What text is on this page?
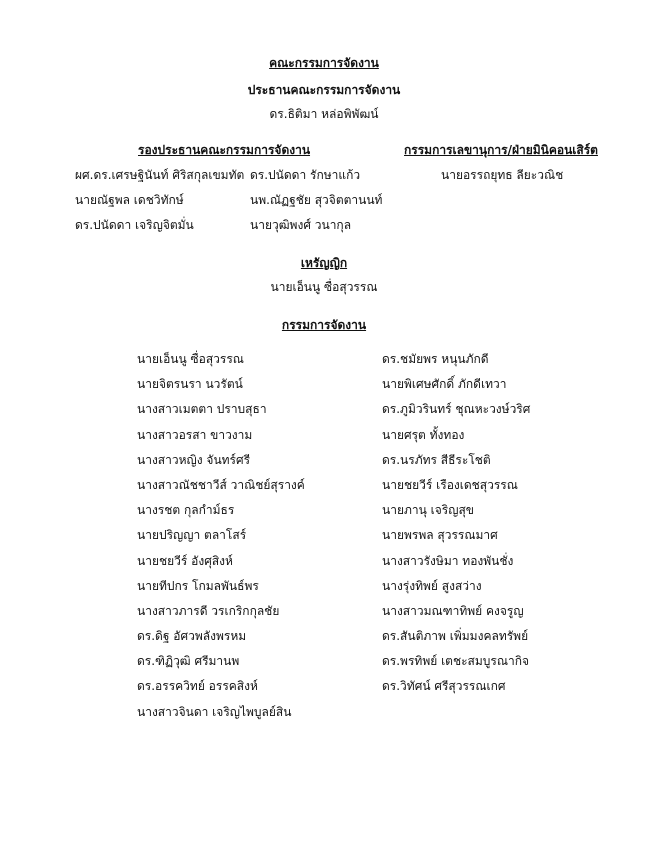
คณะกรรมการจัดงาน
ประธานคณะกรรมการจัดงาน
ดร.ธิติมา หล่อพิพัฒน์
รองประธานคณะกรรมการจัดงาน
ผศ.ดร.เศรษฐินันท์ ศิริสกุลเขมทัต ดร.ปนัดดา รักษาแก้ว
นายณัฐพล เดชวิทักษ์	นพ.ณัฏฐชัย สุวจิตตานนท์
ดร.ปนัดดา เจริญจิตมั่น	นายวุฒิพงศ์ วนากุล
กรรมการเลขานุการ/ฝ่ายมินิคอนเสิร์ต
นายอรรถยุทธ ลียะวณิช
เหรัญญิก
นายเอ็นนู ซื่อสุวรรณ
กรรมการจัดงาน
นายเอ็นนู ซื่อสุวรรณ
นายจิตรนรา นวรัตน์
นางสาวเมตตา ปราบสุธา
นางสาวอรสา ขาวงาม
นางสาวหญิง จันทร์ศรี
นางสาวณัชชาวีส์ วาณิชย์สุรางค์
นางรชต กุลกำม์ธร
นายปริญญา ตลาโสร์
นายชยวีร์ อังศุสิงห์
นายทีปกร โกมลพันธ์พร
นางสาวภารดี วรเกริกกุลชัย
ดร.ดิฐ อัศวพลังพรหม
ดร.ฑิฏิวุฒิ ศรีมานพ
ดร.อรรควิทย์ อรรคสิงห์
นางสาวจินดา เจริญไพบูลย์สิน
ดร.ชมัยพร หนุนภักดี
นายพิเศษศักดิ์ ภักดีเทวา
ดร.ภูมิวรินทร์ ชุณหะวงษ์วริศ
นายศรุต ทั้งทอง
ดร.นรภัทร สีธีระโชติ
นายชยวีร์ เรืองเดชสุวรรณ
นายภานุ เจริญสุข
นายพรพล สุวรรณมาศ
นางสาวรังษิมา ทองพันชั่ง
นางรุ่งทิพย์ สูงสว่าง
นางสาวมณฑาทิพย์ คงจรูญ
ดร.สันติภาพ เพิ่มมงคลทรัพย์
ดร.พรทิพย์ เตชะสมบูรณากิจ
ดร.วิทัศน์ ศรีสุวรรณเกศ
